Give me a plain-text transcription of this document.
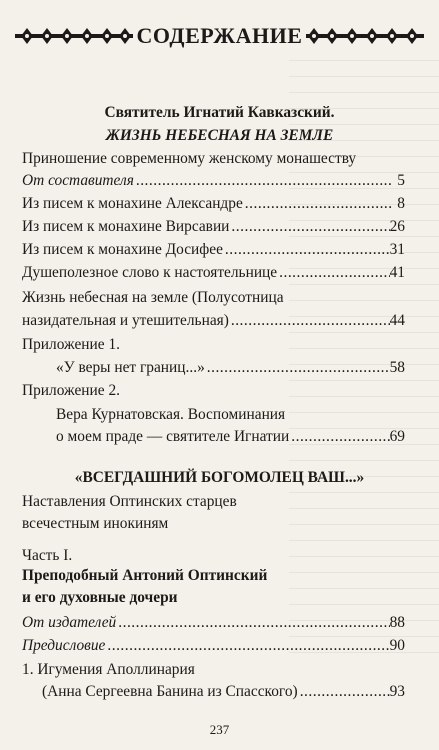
СОДЕРЖАНИЕ
Святитель Игнатий Кавказский.
ЖИЗНЬ НЕБЕСНАЯ НА ЗЕМЛЕ
Приношение современному женскому монашеству
От составителя .....	5
Из писем к монахине Александре .....	8
Из писем к монахине Вирсавии .....	26
Из писем к монахине Досифее .....	31
Душеполезное слово к настоятельнице .....	41
Жизнь небесная на земле (Полусотница
назидательная и утешительная) .....	44
Приложение 1.
«У веры нет границ...» .....	58
Приложение 2.
Вера Курнатовская. Воспоминания
о моем праде — святителе Игнатии .....	69
«ВСЕГДАШНИЙ БОГОМОЛЕЦ ВАШ...»
Наставления Оптинских старцев
всечестным инокиням
Часть I.
Преподобный Антоний Оптинский
и его духовные дочери
От издателей .....	88
Предисловие .....	90
1. Игумения Аполлинария
(Анна Сергеевна Банина из Спасского) .....	93
237
